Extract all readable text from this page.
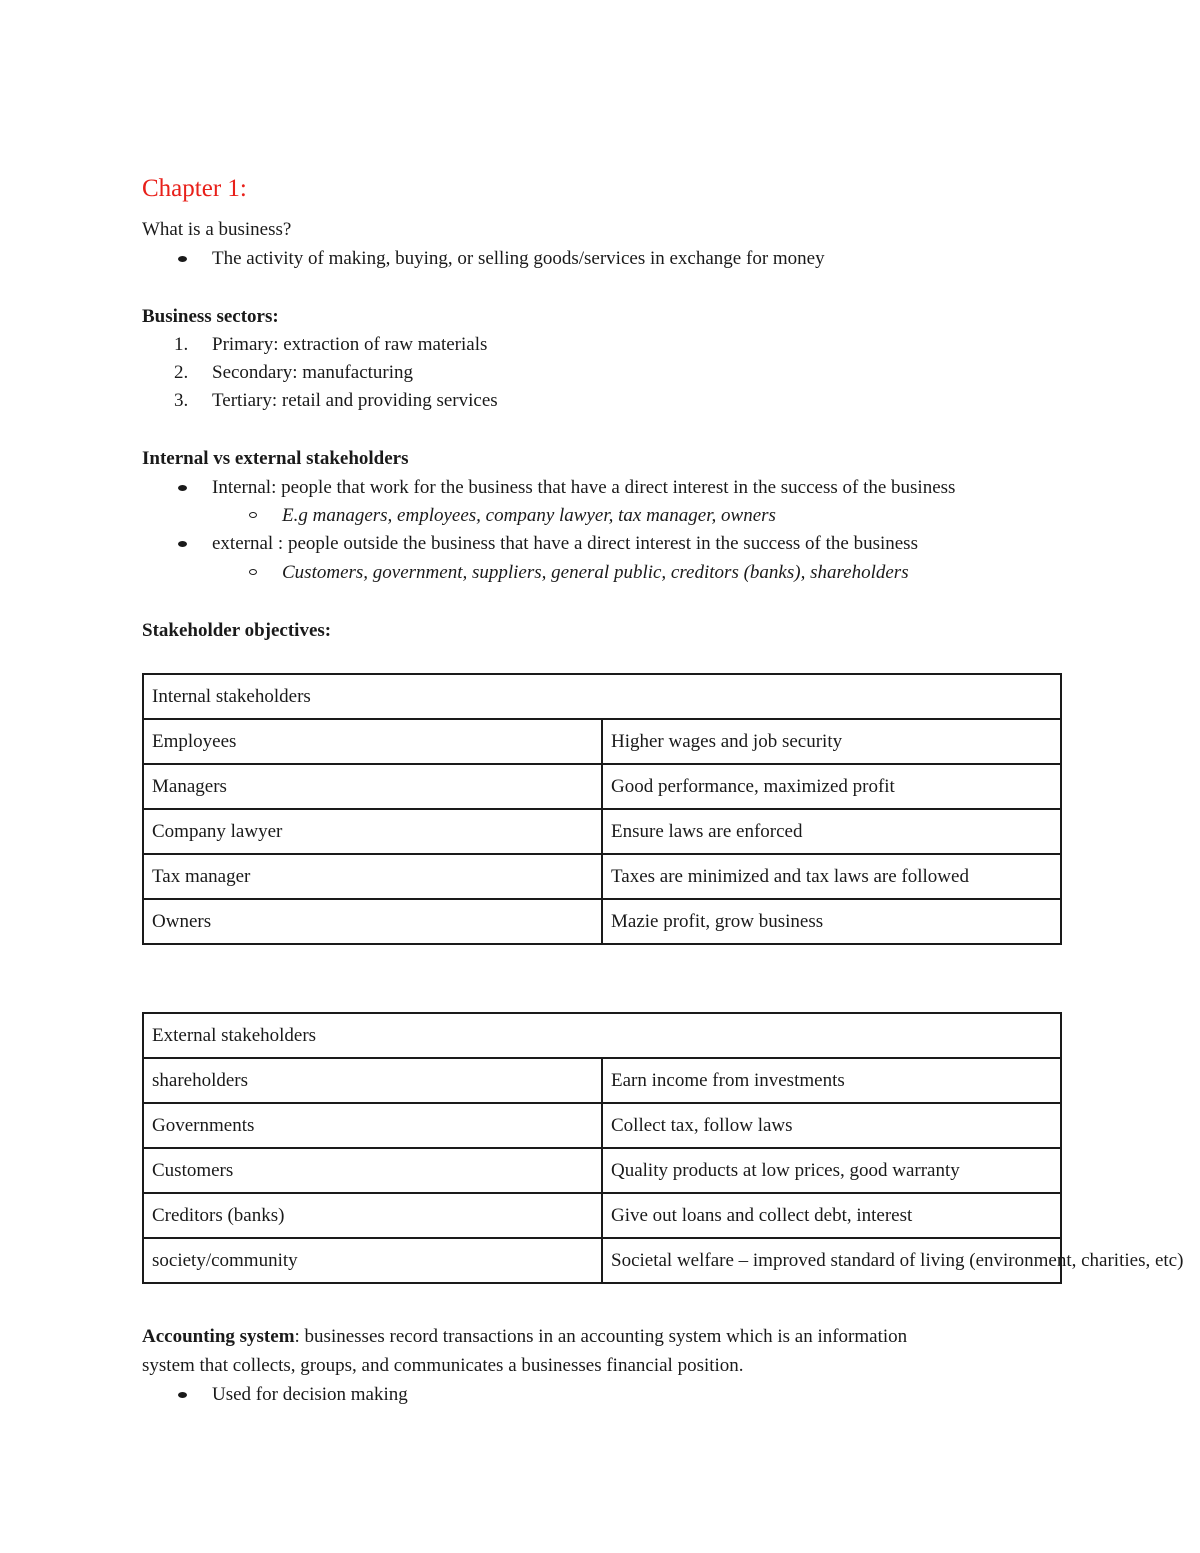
Chapter 1:
What is a business?
The activity of making, buying, or selling goods/services in exchange for money
Business sectors:
1. Primary: extraction of raw materials
2. Secondary: manufacturing
3. Tertiary: retail and providing services
Internal vs external stakeholders
Internal: people that work for the business that have a direct interest in the success of the business
E.g managers, employees, company lawyer, tax manager, owners
external : people outside the business that have a direct interest in the success of the business
Customers, government, suppliers, general public, creditors (banks), shareholders
Stakeholder objectives:
Internal stakeholders	
Employees	Higher wages and job security
Managers	Good performance, maximized profit
Company lawyer	Ensure laws are enforced
Tax manager	Taxes are minimized and tax laws are followed
Owners	Mazie profit, grow business
External stakeholders	
shareholders	Earn income from investments
Governments	Collect tax, follow laws
Customers	Quality products at low prices, good warranty
Creditors (banks)	Give out loans and collect debt, interest
society/community	Societal welfare – improved standard of living (environment, charities, etc)
Accounting system: businesses record transactions in an accounting system which is an information
system that collects, groups, and communicates a businesses financial position.
Used for decision making
